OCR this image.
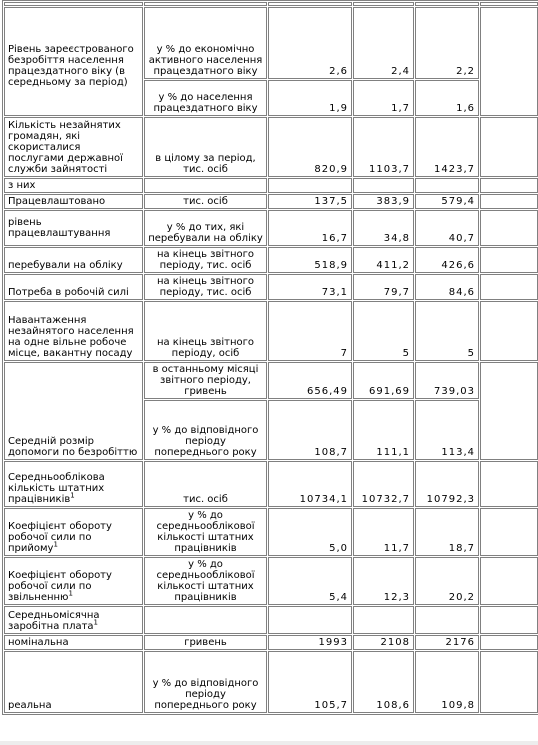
Рівень зареєстрованого безробіття населення працездатного віку (в середньому за період)	у % до економічно активного населення працездатного віку	2,6	2,4	2,2	
	у % до населення працездатного віку	1,9	1,7	1,6	
Кількість незайнятих громадян, які скористалися послугами державної служби зайнятості	в цілому за період, тис. осіб	820,9	1103,7	1423,7	
з них					
Працевлаштовано	тис. осіб	137,5	383,9	579,4	
рівень працевлаштування	у % до тих, які перебували на обліку	16,7	34,8	40,7	
перебували на обліку	на кінець звітного періоду, тис. осіб	518,9	411,2	426,6	
Потреба в робочій силі	на кінець звітного періоду, тис. осіб	73,1	79,7	84,6	
Навантаження незайнятого населення на одне вільне робоче місце, вакантну посаду	на кінець звітного періоду, осіб	7	5	5	
Середній розмір допомоги по безробіттю	в останньому місяці звітного періоду, гривень	656,49	691,69	739,03	
	у % до відповідного періоду попереднього року	108,7	111,1	113,4	
Середньооблікова кількість штатних працівників$^1$	тис. осіб	10734,1	10732,7	10792,3	
Коефіцієнт обороту робочої сили по прийому$^1$	у % до середньооблікової кількості штатних працівників	5,0	11,7	18,7	
Коефіцієнт обороту робочої сили по звільненню$^1$	у % до середньооблікової кількості штатних працівників	5,4	12,3	20,2	
Середньомісячна заробітна плата$^1$					
номінальна	гривень	1993	2108	2176	
реальна	у % до відповідного періоду попереднього року	105,7	108,6	109,8	
